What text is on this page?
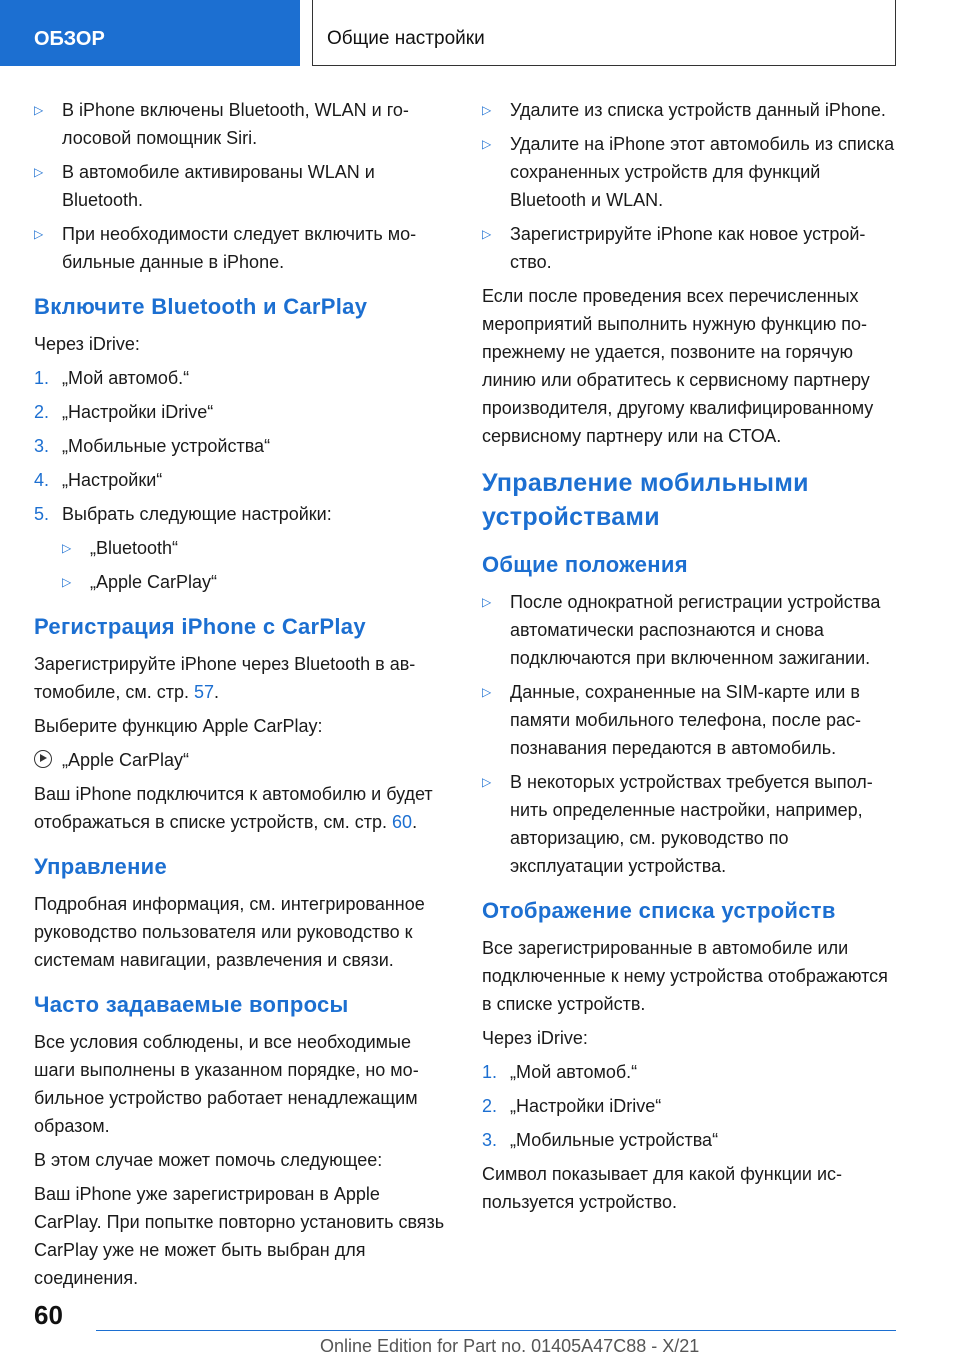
ОБЗОР	Общие настройки
▷ В iPhone включены Bluetooth, WLAN и голосовой помощник Siri.
▷ В автомобиле активированы WLAN и Bluetooth.
▷ При необходимости следует включить мобильные данные в iPhone.
Включите Bluetooth и CarPlay

Через iDrive:

1. „Мой автомоб.“
2. „Настройки iDrive“
3. „Мобильные устройства“
4. „Настройки“
5. Выбрать следующие настройки:
▷ „Bluetooth“
▷ „Apple CarPlay“
Регистрация iPhone с CarPlay

Зарегистрируйте iPhone через Bluetooth в автомобиле, см. стр. 57.

Выберите функцию Apple CarPlay:

„Apple CarPlay“

Ваш iPhone подключится к автомобилю и будет отображаться в списке устройств, см. стр. 60.

Управление

Подробная информация, см. интегрированное руководство пользователя или руководство к системам навигации, развлечения и связи.

Часто задаваемые вопросы

Все условия соблюдены, и все необходимые шаги выполнены в указанном порядке, но мобильное устройство работает ненадлежащим образом.

В этом случае может помочь следующее:

Ваш iPhone уже зарегистрирован в Apple CarPlay. При попытке повторно установить связь CarPlay уже не может быть выбран для соединения.

▷ Удалите из списка устройств данный iPhone.
▷ Удалите на iPhone этот автомобиль из списка сохраненных устройств для функций Bluetooth и WLAN.
▷ Зарегистрируйте iPhone как новое устройство.

Если после проведения всех перечисленных мероприятий выполнить нужную функцию попрежнему не удается, позвоните на горячую линию или обратитесь к сервисному партнеру производителя, другому квалифицированному сервисному партнеру или на СТОА.

Управление мобильными устройствами
Общие положения
▷ После однократной регистрации устройства автоматически распознаются и снова подключаются при включенном зажигании.
▷ Данные, сохраненные на SIM-карте или в памяти мобильного телефона, после распознавания передаются в автомобиль.
▷ В некоторых устройствах требуется выполнить определенные настройки, например, авторизацию, см. руководство по эксплуатации устройства.
Отображение списка устройств

Все зарегистрированные в автомобиле или подключенные к нему устройства отображаются в списке устройств.

Через iDrive:

1. „Мой автомоб.“
2. „Настройки iDrive“
3. „Мобильные устройства“

Символ показывает для какой функции используется устройство.

60
Online Edition for Part no. 01405A47C88 - X/21
